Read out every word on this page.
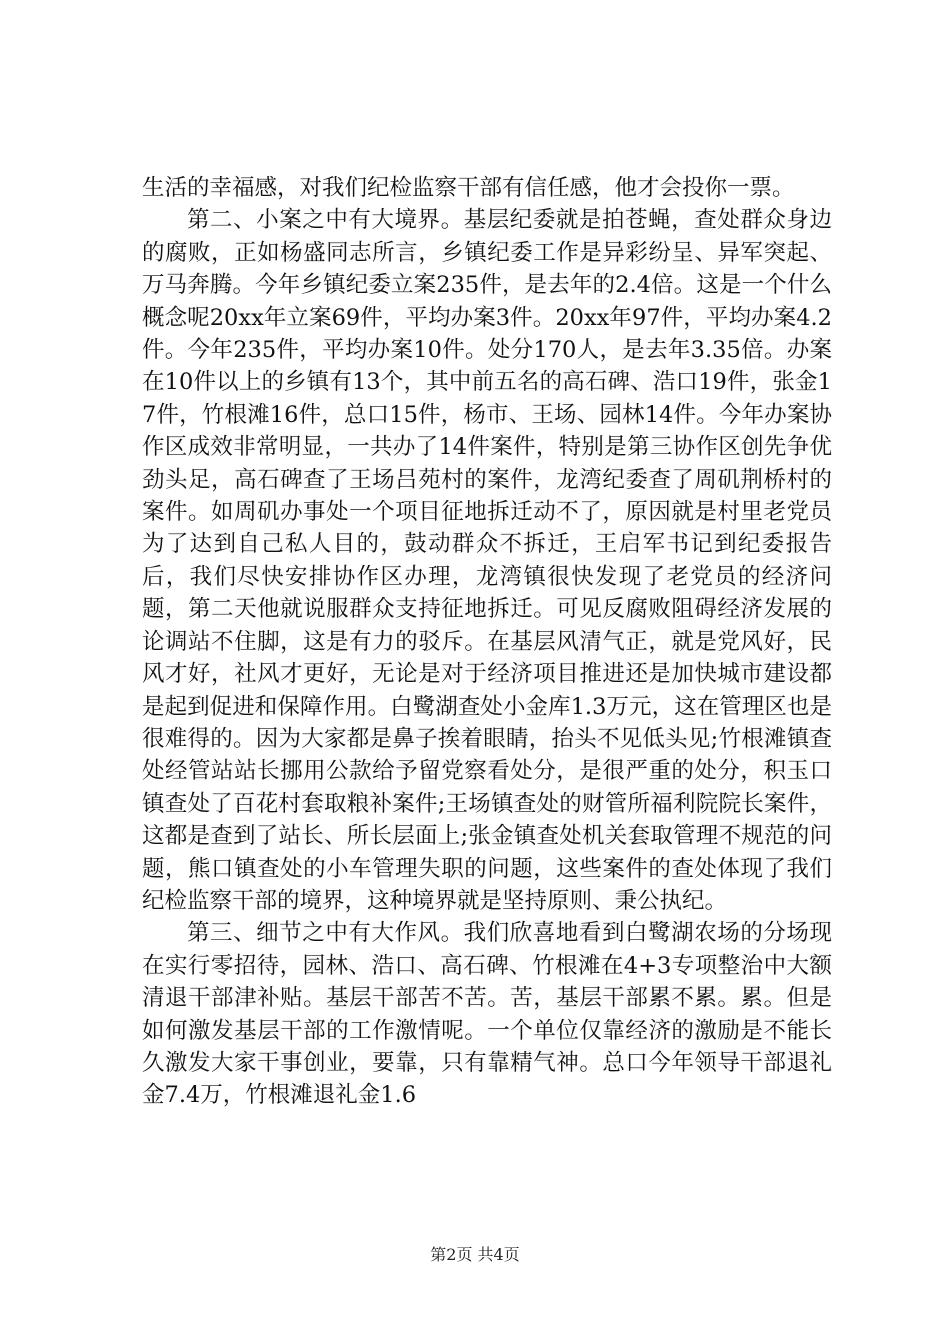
生活的幸福感，对我们纪检监察干部有信任感，他才会投你一票。

第二、小案之中有大境界。基层纪委就是拍苍蝇，查处群众身边的腐败，正如杨盛同志所言，乡镇纪委工作是异彩纷呈、异军突起、万马奔腾。今年乡镇纪委立案235件，是去年的2.4倍。这是一个什么概念呢20xx年立案69件，平均办案3件。20xx年97件，平均办案4.2件。今年235件，平均办案10件。处分170人，是去年3.35倍。办案在10件以上的乡镇有13个，其中前五名的高石碑、浩口19件，张金17件，竹根滩16件，总口15件，杨市、王场、园林14件。今年办案协作区成效非常明显，一共办了14件案件，特别是第三协作区创先争优劲头足，高石碑查了王场吕苑村的案件，龙湾纪委查了周矶荆桥村的案件。如周矶办事处一个项目征地拆迁动不了，原因就是村里老党员为了达到自己私人目的，鼓动群众不拆迁，王启军书记到纪委报告后，我们尽快安排协作区办理，龙湾镇很快发现了老党员的经济问题，第二天他就说服群众支持征地拆迁。可见反腐败阻碍经济发展的论调站不住脚，这是有力的驳斥。在基层风清气正，就是党风好，民风才好，社风才更好，无论是对于经济项目推进还是加快城市建设都是起到促进和保障作用。白鹭湖查处小金库1.3万元，这在管理区也是很难得的。因为大家都是鼻子挨着眼睛，抬头不见低头见;竹根滩镇查处经管站站长挪用公款给予留党察看处分，是很严重的处分，积玉口镇查处了百花村套取粮补案件;王场镇查处的财管所福利院院长案件，这都是查到了站长、所长层面上;张金镇查处机关套取管理不规范的问题，熊口镇查处的小车管理失职的问题，这些案件的查处体现了我们纪检监察干部的境界，这种境界就是坚持原则、秉公执纪。

第三、细节之中有大作风。我们欣喜地看到白鹭湖农场的分场现在实行零招待，园林、浩口、高石碑、竹根滩在4+3专项整治中大额清退干部津补贴。基层干部苦不苦。苦，基层干部累不累。累。但是如何激发基层干部的工作激情呢。一个单位仅靠经济的激励是不能长久激发大家干事创业，要靠，只有靠精气神。总口今年领导干部退礼金7.4万，竹根滩退礼金1.6

第2页 共4页
